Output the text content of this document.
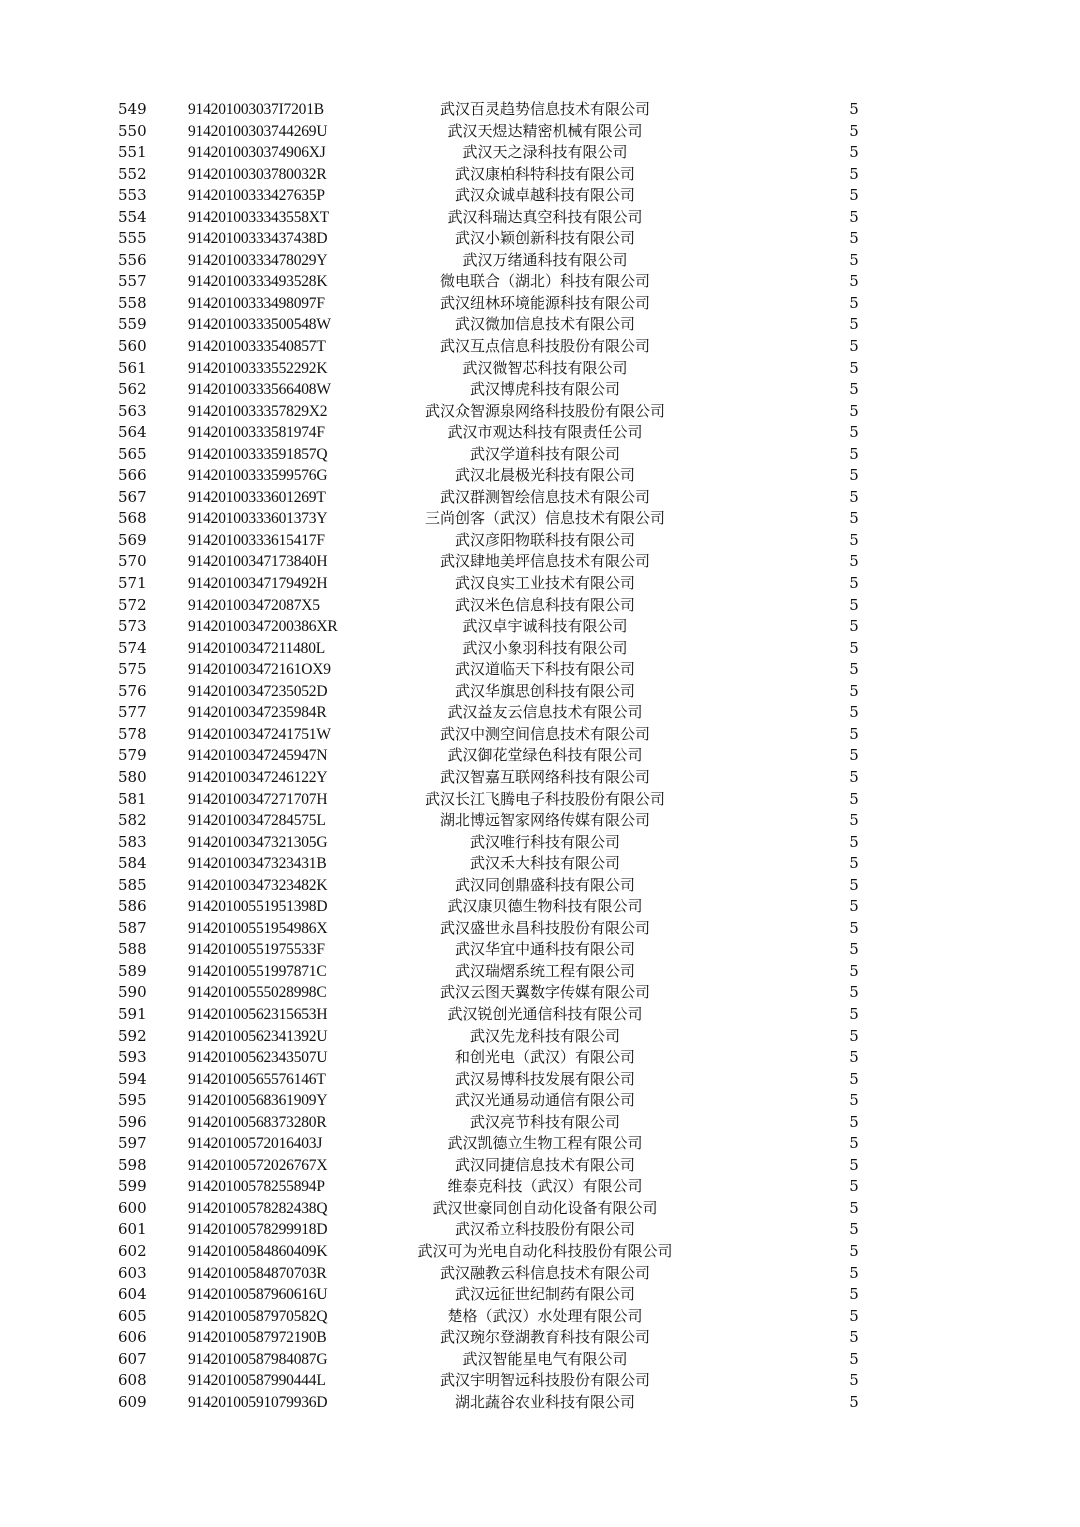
549	914201003037I7201B	武汉百灵趋势信息技术有限公司	5
550	91420100303744269U	武汉天煜达精密机械有限公司	5
551	9142010030374906XJ	武汉天之渌科技有限公司	5
552	91420100303780032R	武汉康柏科特科技有限公司	5
553	91420100333427635P	武汉众诚卓越科技有限公司	5
554	9142010033343558XT	武汉科瑞达真空科技有限公司	5
555	91420100333437438D	武汉小颖创新科技有限公司	5
556	91420100333478029Y	武汉万绪通科技有限公司	5
557	91420100333493528K	微电联合（湖北）科技有限公司	5
558	91420100333498097F	武汉纽林环境能源科技有限公司	5
559	91420100333500548W	武汉微加信息技术有限公司	5
560	91420100333540857T	武汉互点信息科技股份有限公司	5
561	91420100333552292K	武汉微智芯科技有限公司	5
562	91420100333566408W	武汉博虎科技有限公司	5
563	9142010033357829X2	武汉众智源泉网络科技股份有限公司	5
564	91420100333581974F	武汉市观达科技有限责任公司	5
565	91420100333591857Q	武汉学道科技有限公司	5
566	91420100333599576G	武汉北晨极光科技有限公司	5
567	91420100333601269T	武汉群测智绘信息技术有限公司	5
568	91420100333601373Y	三尚创客（武汉）信息技术有限公司	5
569	91420100333615417F	武汉彦阳物联科技有限公司	5
570	91420100347173840H	武汉肆地美坪信息技术有限公司	5
571	91420100347179492H	武汉良实工业技术有限公司	5
572	914201003472087X5	武汉米色信息科技有限公司	5
573	91420100347200386XR	武汉卓宇诚科技有限公司	5
574	91420100347211480L	武汉小象羽科技有限公司	5
575	914201003472161OX9	武汉道临天下科技有限公司	5
576	91420100347235052D	武汉华旗思创科技有限公司	5
577	91420100347235984R	武汉益友云信息技术有限公司	5
578	91420100347241751W	武汉中测空间信息技术有限公司	5
579	91420100347245947N	武汉御花堂绿色科技有限公司	5
580	91420100347246122Y	武汉智嘉互联网络科技有限公司	5
581	91420100347271707H	武汉长江飞腾电子科技股份有限公司	5
582	91420100347284575L	湖北博远智家网络传媒有限公司	5
583	91420100347321305G	武汉唯行科技有限公司	5
584	91420100347323431B	武汉禾大科技有限公司	5
585	91420100347323482K	武汉同创鼎盛科技有限公司	5
586	91420100551951398D	武汉康贝德生物科技有限公司	5
587	91420100551954986X	武汉盛世永昌科技股份有限公司	5
588	91420100551975533F	武汉华宜中通科技有限公司	5
589	91420100551997871C	武汉瑞熠系统工程有限公司	5
590	91420100555028998C	武汉云图天翼数字传媒有限公司	5
591	91420100562315653H	武汉锐创光通信科技有限公司	5
592	91420100562341392U	武汉先龙科技有限公司	5
593	91420100562343507U	和创光电（武汉）有限公司	5
594	91420100565576146T	武汉易博科技发展有限公司	5
595	91420100568361909Y	武汉光通易动通信有限公司	5
596	91420100568373280R	武汉亮节科技有限公司	5
597	91420100572016403J	武汉凯德立生物工程有限公司	5
598	91420100572026767X	武汉同捷信息技术有限公司	5
599	91420100578255894P	维泰克科技（武汉）有限公司	5
600	91420100578282438Q	武汉世豪同创自动化设备有限公司	5
601	91420100578299918D	武汉希立科技股份有限公司	5
602	91420100584860409K	武汉可为光电自动化科技股份有限公司	5
603	91420100584870703R	武汉融教云科信息技术有限公司	5
604	91420100587960616U	武汉远征世纪制药有限公司	5
605	91420100587970582Q	楚格（武汉）水处理有限公司	5
606	91420100587972190B	武汉琬尔登湖教育科技有限公司	5
607	91420100587984087G	武汉智能星电气有限公司	5
608	91420100587990444L	武汉宇明智远科技股份有限公司	5
609	91420100591079936D	湖北蔬谷农业科技有限公司	5
